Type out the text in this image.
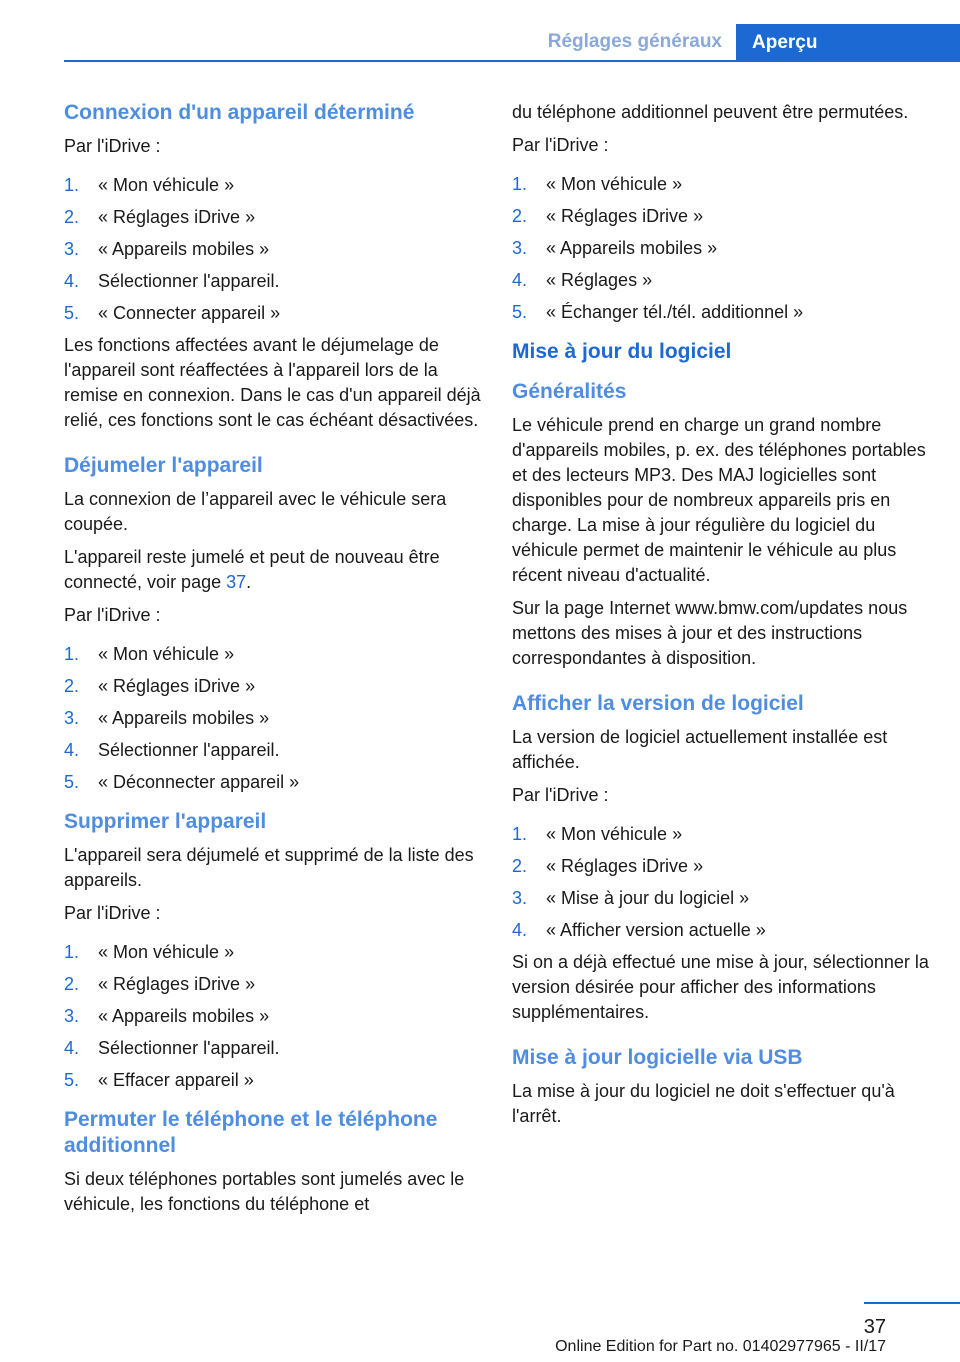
Réglages généraux	Aperçu
Connexion d'un appareil déterminé

Par l'iDrive :

1. « Mon véhicule »
2. « Réglages iDrive »
3. « Appareils mobiles »
4. Sélectionner l'appareil.
5. « Connecter appareil »

Les fonctions affectées avant le déjumelage de l'appareil sont réaffectées à l'appareil lors de la remise en connexion. Dans le cas d'un appareil déjà relié, ces fonctions sont le cas échéant désactivées.

Déjumeler l'appareil

La connexion de l’appareil avec le véhicule sera coupée.

L'appareil reste jumelé et peut de nouveau être connecté, voir page 37.

Par l'iDrive :

1. « Mon véhicule »
2. « Réglages iDrive »
3. « Appareils mobiles »
4. Sélectionner l'appareil.
5. « Déconnecter appareil »
Supprimer l'appareil

L'appareil sera déjumelé et supprimé de la liste des appareils.

Par l'iDrive :

1. « Mon véhicule »
2. « Réglages iDrive »
3. « Appareils mobiles »
4. Sélectionner l'appareil.
5. « Effacer appareil »
Permuter le téléphone et le téléphone additionnel

Si deux téléphones portables sont jumelés avec le véhicule, les fonctions du téléphone et

du téléphone additionnel peuvent être permutées.

Par l'iDrive :

1. « Mon véhicule »
2. « Réglages iDrive »
3. « Appareils mobiles »
4. « Réglages »
5. « Échanger tél./tél. additionnel »
Mise à jour du logiciel
Généralités

Le véhicule prend en charge un grand nombre d'appareils mobiles, p. ex. des téléphones portables et des lecteurs MP3. Des MAJ logicielles sont disponibles pour de nombreux appareils pris en charge. La mise à jour régulière du logiciel du véhicule permet de maintenir le véhicule au plus récent niveau d'actualité.

Sur la page Internet www.bmw.com/updates nous mettons des mises à jour et des instructions correspondantes à disposition.

Afficher la version de logiciel

La version de logiciel actuellement installée est affichée.

Par l'iDrive :

1. « Mon véhicule »
2. « Réglages iDrive »
3. « Mise à jour du logiciel »
4. « Afficher version actuelle »

Si on a déjà effectué une mise à jour, sélectionner la version désirée pour afficher des informations supplémentaires.

Mise à jour logicielle via USB

La mise à jour du logiciel ne doit s'effectuer qu'à l'arrêt.

37
Online Edition for Part no. 01402977965 - II/17
